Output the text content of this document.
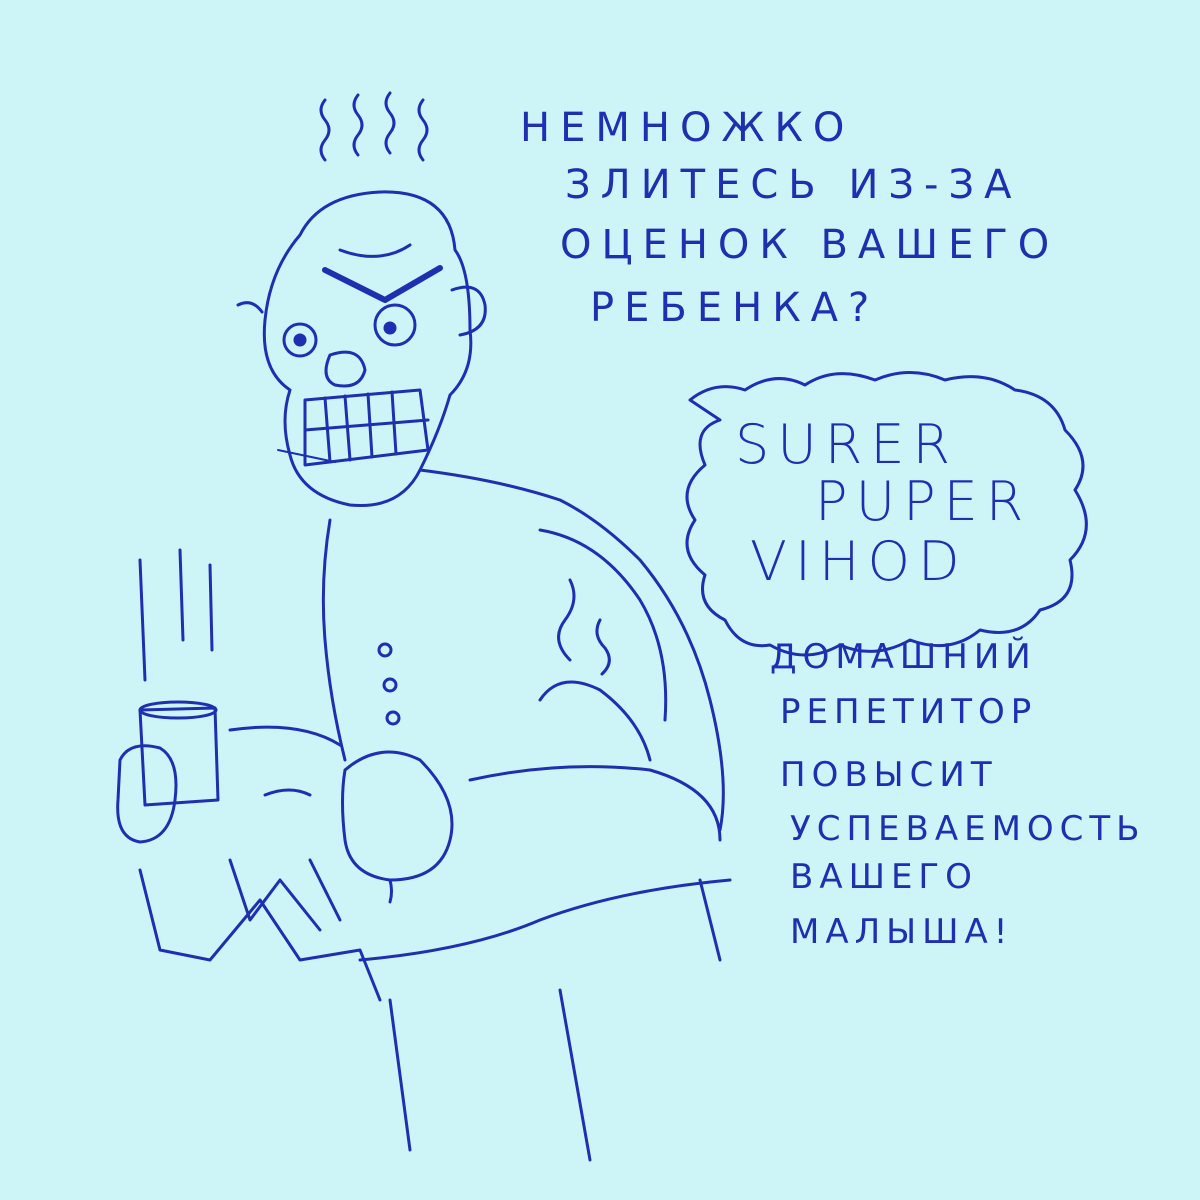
НЕМНОЖКО
ЗЛИТЕСЬ ИЗ-ЗА
ОЦЕНОК ВАШЕГО
РЕБЕНКА?
SURER
PUPER
VIHOD
ДОМАШНИЙ
РЕПЕТИТОР
ПОВЫСИТ
УСПЕВАЕМОСТЬ
ВАШЕГО
МАЛЫША!
